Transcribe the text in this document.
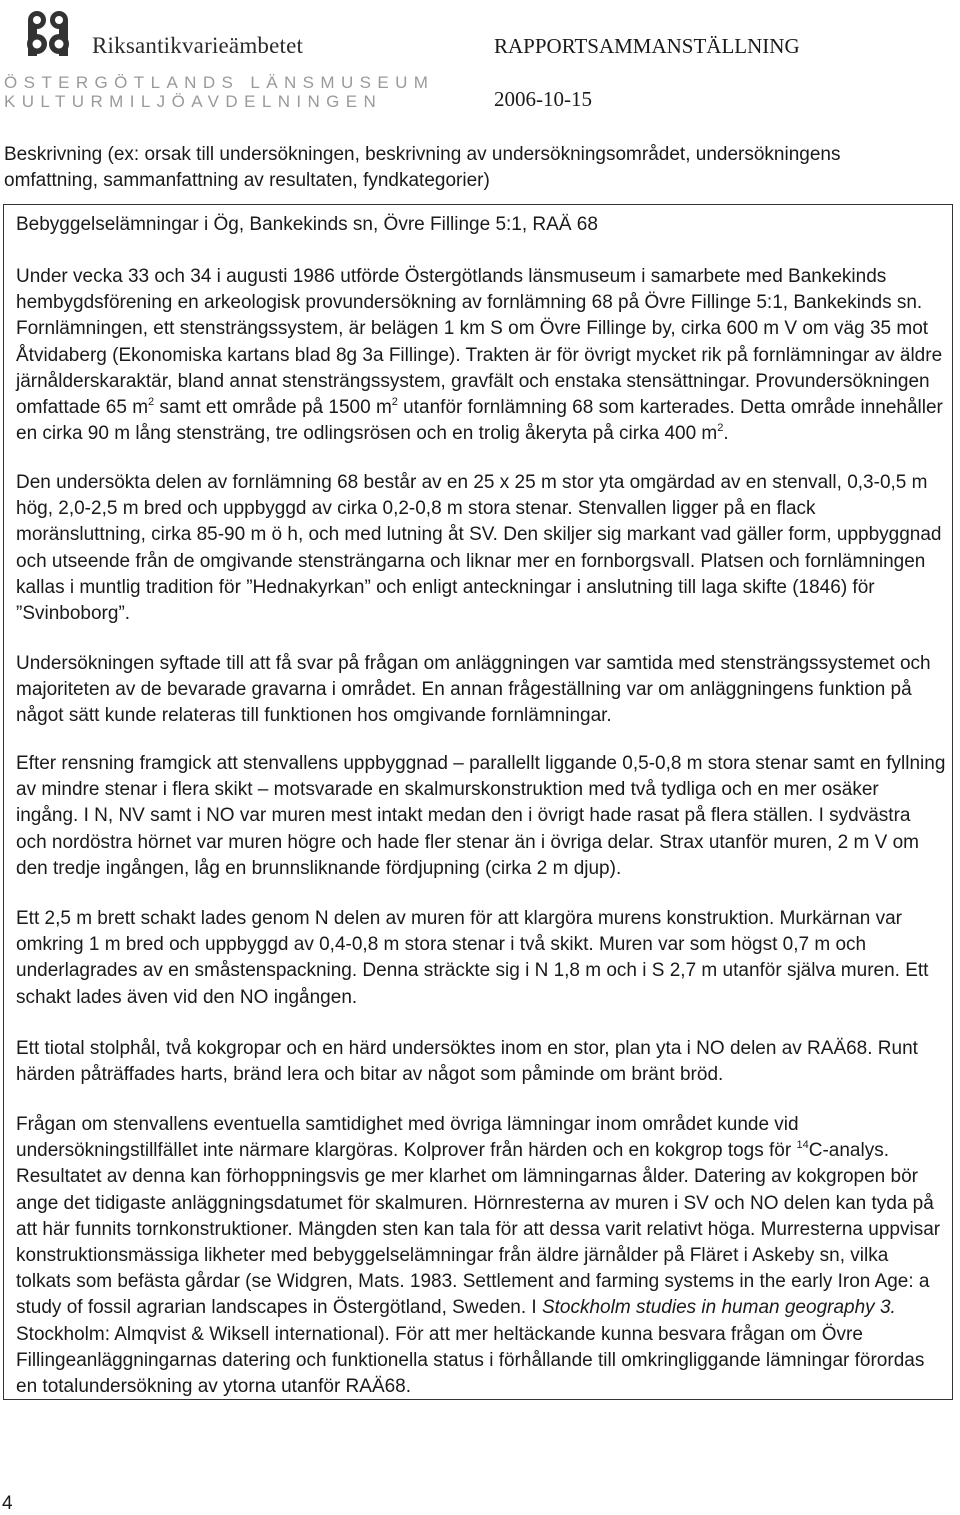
Riksantikvarieämbetet
ÖSTERGÖTLANDS LÄNSMUSEUM
KULTURMILJÖAVDELNINGEN
RAPPORTSAMMANSTÄLLNING
2006-10-15
Beskrivning (ex: orsak till undersökningen, beskrivning av undersökningsområdet, undersökningens omfattning, sammanfattning av resultaten, fyndkategorier)

Bebyggelselämningar i Ög, Bankekinds sn, Övre Fillinge 5:1, RAÄ 68

Under vecka 33 och 34 i augusti 1986 utförde Östergötlands länsmuseum i samarbete med Bankekinds hembygdsförening en arkeologisk provundersökning av fornlämning 68 på Övre Fillinge 5:1, Bankekinds sn. Fornlämningen, ett stensträngssystem, är belägen 1 km S om Övre Fillinge by, cirka 600 m V om väg 35 mot Åtvidaberg (Ekonomiska kartans blad 8g 3a Fillinge). Trakten är för övrigt mycket rik på fornlämningar av äldre järnålderskaraktär, bland annat stensträngssystem, gravfält och enstaka stensättningar. Provundersökningen omfattade 65 $m^2$ samt ett område på 1500 $m^2$ utanför fornlämning 68 som karterades. Detta område innehåller en cirka 90 m lång stensträng, tre odlingsrösen och en trolig åkeryta på cirka 400 $m^2$.

Den undersökta delen av fornlämning 68 består av en 25 x 25 m stor yta omgärdad av en stenvall, 0,3-0,5 m hög, 2,0-2,5 m bred och uppbyggd av cirka 0,2-0,8 m stora stenar. Stenvallen ligger på en flack moränsluttning, cirka 85-90 m ö h, och med lutning åt SV. Den skiljer sig markant vad gäller form, uppbyggnad och utseende från de omgivande stensträngarna och liknar mer en fornborgsvall. Platsen och fornlämningen kallas i muntlig tradition för ”Hednakyrkan” och enligt anteckningar i anslutning till laga skifte (1846) för ”Svinboborg”.

Undersökningen syftade till att få svar på frågan om anläggningen var samtida med stensträngssystemet och majoriteten av de bevarade gravarna i området. En annan frågeställning var om anläggningens funktion på något sätt kunde relateras till funktionen hos omgivande fornlämningar.

Efter rensning framgick att stenvallens uppbyggnad – parallellt liggande 0,5-0,8 m stora stenar samt en fyllning av mindre stenar i flera skikt – motsvarade en skalmurskonstruktion med två tydliga och en mer osäker ingång. I N, NV samt i NO var muren mest intakt medan den i övrigt hade rasat på flera ställen. I sydvästra och nordöstra hörnet var muren högre och hade fler stenar än i övriga delar. Strax utanför muren, 2 m V om den tredje ingången, låg en brunnsliknande fördjupning (cirka 2 m djup).

Ett 2,5 m brett schakt lades genom N delen av muren för att klargöra murens konstruktion. Murkärnan var omkring 1 m bred och uppbyggd av 0,4-0,8 m stora stenar i två skikt. Muren var som högst 0,7 m och underlagrades av en småstenspackning. Denna sträckte sig i N 1,8 m och i S 2,7 m utanför själva muren. Ett schakt lades även vid den NO ingången.

Ett tiotal stolphål, två kokgropar och en härd undersöktes inom en stor, plan yta i NO delen av RAÄ68. Runt härden påträffades harts, bränd lera och bitar av något som påminde om bränt bröd.

Frågan om stenvallens eventuella samtidighet med övriga lämningar inom området kunde vid undersökningstillfället inte närmare klargöras. Kolprover från härden och en kokgrop togs för $^{14}$C-analys. Resultatet av denna kan förhoppningsvis ge mer klarhet om lämningarnas ålder. Datering av kokgropen bör ange det tidigaste anläggningsdatumet för skalmuren. Hörnresterna av muren i SV och NO delen kan tyda på att här funnits tornkonstruktioner. Mängden sten kan tala för att dessa varit relativt höga. Murresterna uppvisar konstruktionsmässiga likheter med bebyggelselämningar från äldre järnålder på Fläret i Askeby sn, vilka tolkats som befästa gårdar (se Widgren, Mats. 1983. Settlement and farming systems in the early Iron Age: a study of fossil agrarian landscapes in Östergötland, Sweden. I Stockholm studies in human geography 3. Stockholm: Almqvist & Wiksell international). För att mer heltäckande kunna besvara frågan om Övre Fillingeanläggningarnas datering och funktionella status i förhållande till omkringliggande lämningar förordas en totalundersökning av ytorna utanför RAÄ68.

4
